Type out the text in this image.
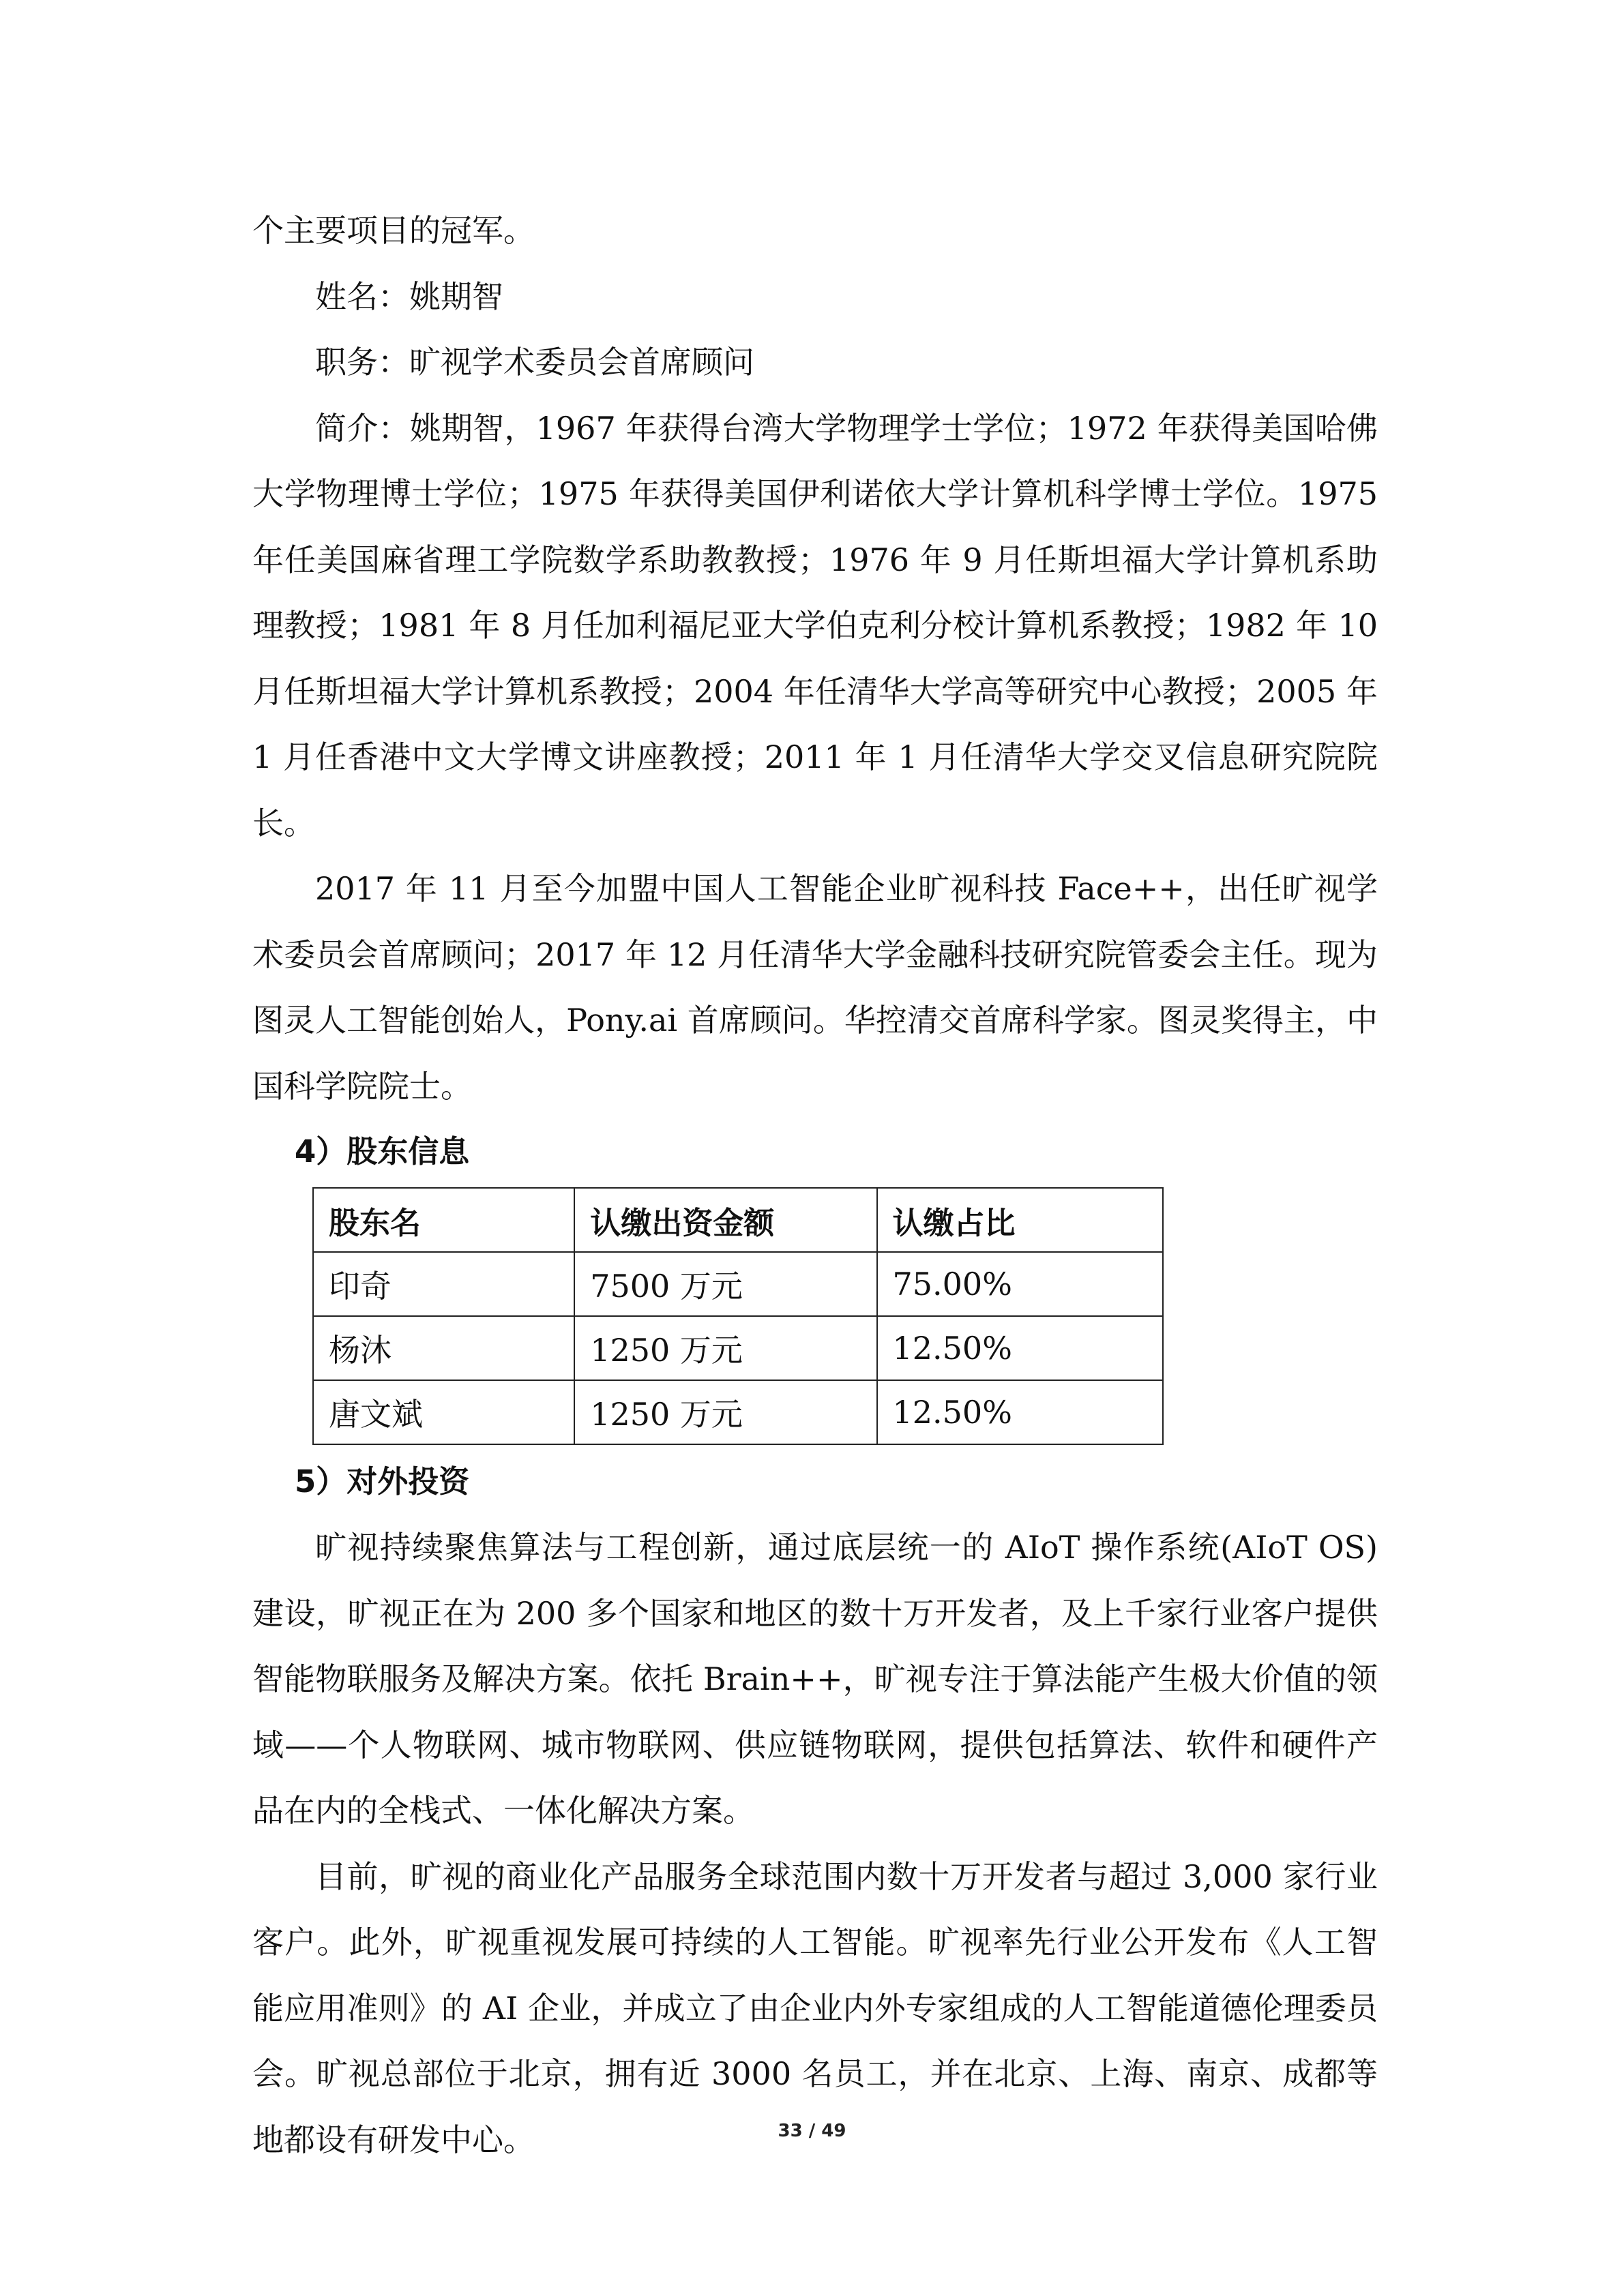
个主要项目的冠军。

姓名：姚期智

职务：旷视学术委员会首席顾问

简介：姚期智，1967 年获得台湾大学物理学士学位；1972 年获得美国哈佛大学物理博士学位；1975 年获得美国伊利诺依大学计算机科学博士学位。1975 年任美国麻省理工学院数学系助教教授；1976 年 9 月任斯坦福大学计算机系助理教授；1981 年 8 月任加利福尼亚大学伯克利分校计算机系教授；1982 年 10 月任斯坦福大学计算机系教授；2004 年任清华大学高等研究中心教授；2005 年 1 月任香港中文大学博文讲座教授；2011 年 1 月任清华大学交叉信息研究院院长。

2017 年 11 月至今加盟中国人工智能企业旷视科技 Face++，出任旷视学术委员会首席顾问；2017 年 12 月任清华大学金融科技研究院管委会主任。现为图灵人工智能创始人，Pony.ai 首席顾问。华控清交首席科学家。图灵奖得主，中国科学院院士。

4）股东信息
股东名	认缴出资金额	认缴占比
印奇	7500 万元	75.00%
杨沐	1250 万元	12.50%
唐文斌	1250 万元	12.50%
5）对外投资

旷视持续聚焦算法与工程创新，通过底层统一的 AIoT 操作系统(AIoT OS)建设，旷视正在为 200 多个国家和地区的数十万开发者，及上千家行业客户提供智能物联服务及解决方案。依托 Brain++，旷视专注于算法能产生极大价值的领域——个人物联网、城市物联网、供应链物联网，提供包括算法、软件和硬件产品在内的全栈式、一体化解决方案。

目前，旷视的商业化产品服务全球范围内数十万开发者与超过 3,000 家行业客户。此外，旷视重视发展可持续的人工智能。旷视率先行业公开发布《人工智能应用准则》的 AI 企业，并成立了由企业内外专家组成的人工智能道德伦理委员会。旷视总部位于北京，拥有近 3000 名员工，并在北京、上海、南京、成都等地都设有研发中心。	33 / 49
